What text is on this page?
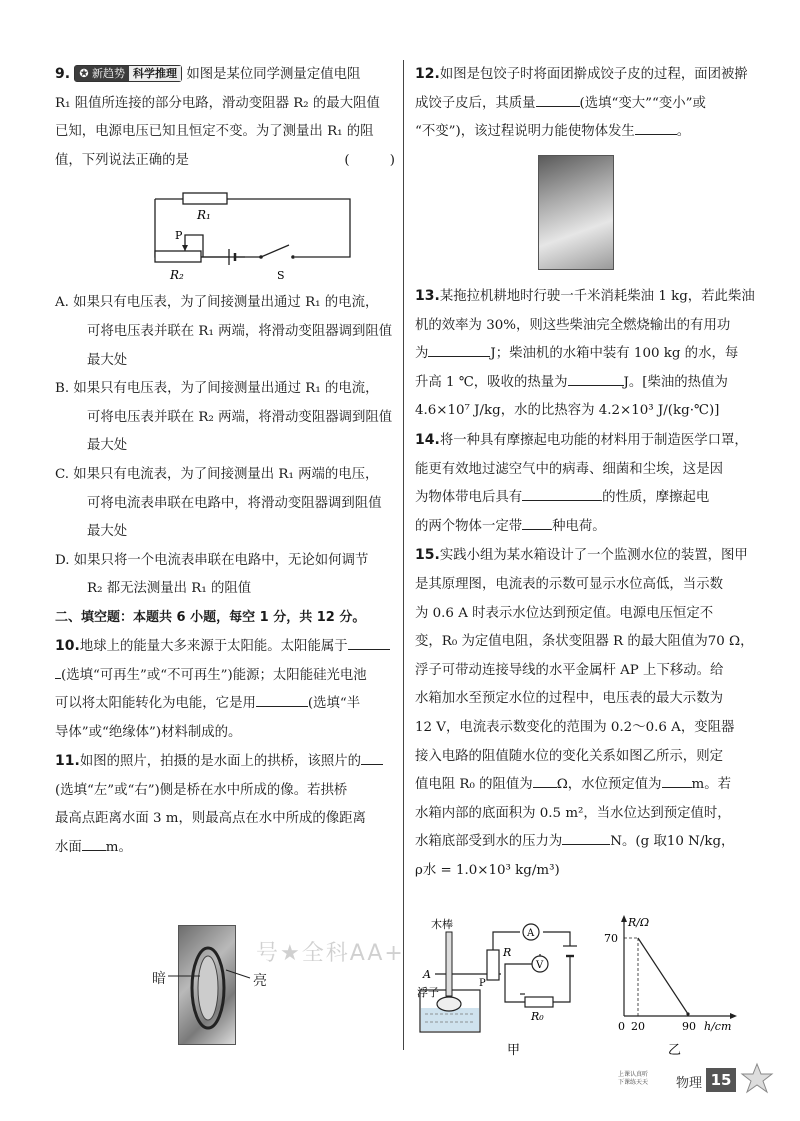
9. ✪ 新趋势 科学推理 如图是某位同学测量定值电阻
R₁ 阻值所连接的部分电路，滑动变阻器 R₂ 的最大阻值
已知，电源电压已知且恒定不变。为了测量出 R₁ 的阻
值，下列说法正确的是	(　　　)
R₁
P
R₂	S
A. 如果只有电压表，为了间接测量出通过 R₁ 的电流，
可将电压表并联在 R₁ 两端，将滑动变阻器调到阻值
最大处
B. 如果只有电压表，为了间接测量出通过 R₁ 的电流，
可将电压表并联在 R₂ 两端，将滑动变阻器调到阻值
最大处
C. 如果只有电流表，为了间接测量出 R₁ 两端的电压，
可将电流表串联在电路中，将滑动变阻器调到阻值
最大处
D. 如果只将一个电流表串联在电路中，无论如何调节
R₂ 都无法测量出 R₁ 的阻值
二、填空题：本题共 6 小题，每空 1 分，共 12 分。
10.地球上的能量大多来源于太阳能。太阳能属于
(选填“可再生”或“不可再生”)能源；太阳能硅光电池
可以将太阳能转化为电能，它是用	(选填“半
导体”或“绝缘体”)材料制成的。
11.如图的照片，拍摄的是水面上的拱桥，该照片的
(选填“左”或“右”)侧是桥在水中所成的像。若拱桥
最高点距离水面 3 m，则最高点在水中所成的像距离
水面 m。
暗	亮
12.如图是包饺子时将面团擀成饺子皮的过程，面团被擀
成饺子皮后，其质量	(选填“变大”“变小”或
“不变”)，该过程说明力能使物体发生	。
13.某拖拉机耕地时行驶一千米消耗柴油 1 kg，若此柴油
机的效率为 30%，则这些柴油完全燃烧输出的有用功
为	J；柴油机的水箱中装有 100 kg 的水，每
升高 1 ℃，吸收的热量为	J。[柴油的热值为
4.6×10⁷ J/kg，水的比热容为 4.2×10³ J/(kg·℃)]
14.将一种具有摩擦起电功能的材料用于制造医学口罩，
能更有效地过滤空气中的病毒、细菌和尘埃，这是因
为物体带电后具有	的性质，摩擦起电
的两个物体一定带 种电荷。
15.实践小组为某水箱设计了一个监测水位的装置，图甲
是其原理图，电流表的示数可显示水位高低，当示数
为 0.6 A 时表示水位达到预定值。电源电压恒定不
变，R₀ 为定值电阻，条状变阻器 R 的最大阻值为70 Ω，
浮子可带动连接导线的水平金属杆 AP 上下移动。给
水箱加水至预定水位的过程中，电压表的最大示数为
12 V，电流表示数变化的范围为 0.2～0.6 A，变阻器
接入电路的阻值随水位的变化关系如图乙所示，则定
值电阻 R₀ 的阻值为 Ω，水位预定值为 m。若
水箱内部的底面积为 0.5 m²，当水位达到预定值时，
水箱底部受到水的压力为	N。(g 取10 N/kg，
ρ水 = 1.0×10³ kg/m³)
A
V
木棒
A
P
R
R₀
浮子
甲
R/Ω
70
0 20	90 h/cm
乙
号★全科AA+
上课认真听
下课练天天 物理 15
